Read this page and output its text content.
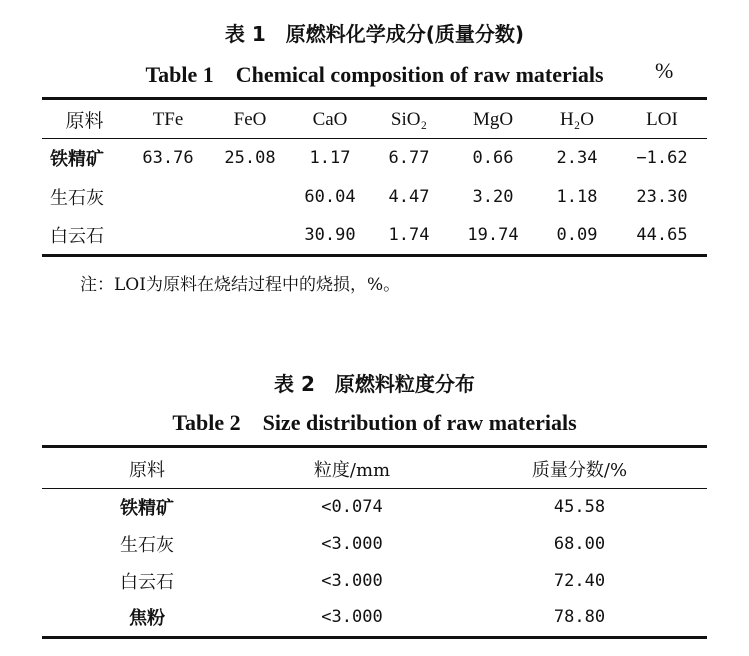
表 1　原燃料化学成分(质量分数)
Table 1　Chemical composition of raw materials %
原料	TFe	FeO	CaO	SiO₂	MgO	H₂O	LOI
铁精矿	63.76	25.08	1.17	6.77	0.66	2.34	−1.62
生石灰			60.04	4.47	3.20	1.18	23.30
白云石			30.90	1.74	19.74	0.09	44.65
注：LOI为原料在烧结过程中的烧损，%。
表 2　原燃料粒度分布
Table 2　Size distribution of raw materials
原料	粒度/mm	质量分数/%
铁精矿	<0.074	45.58
生石灰	<3.000	68.00
白云石	<3.000	72.40
焦粉	<3.000	78.80
